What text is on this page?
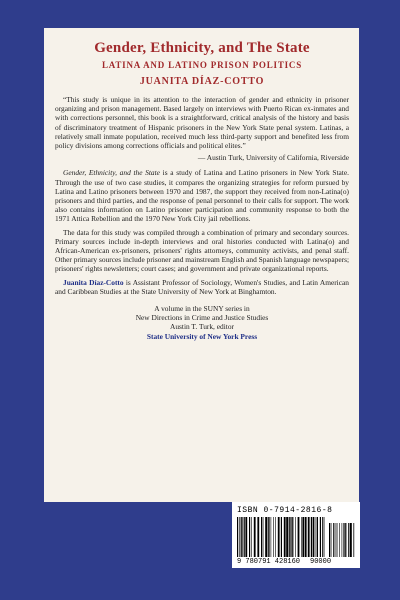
Gender, Ethnicity, and The State
LATINA AND LATINO PRISON POLITICS
JUANITA DÍAZ-COTTO

“This study is unique in its attention to the interaction of gender and ethnicity in prisoner organizing and prison management. Based largely on interviews with Puerto Rican ex-inmates and with corrections personnel, this book is a straightforward, critical analysis of the history and basis of discriminatory treatment of Hispanic prisoners in the New York State penal system. Latinas, a relatively small inmate population, received much less third-party support and benefited less from policy divisions among corrections officials and political elites.”

— Austin Turk, University of California, Riverside

Gender, Ethnicity, and the State is a study of Latina and Latino prisoners in New York State. Through the use of two case studies, it compares the organizing strategies for reform pursued by Latina and Latino prisoners between 1970 and 1987, the support they received from non-Latina(o) prisoners and third parties, and the response of penal personnel to their calls for support. The work also contains information on Latino prisoner participation and community response to both the 1971 Attica Rebellion and the 1970 New York City jail rebellions.

The data for this study was compiled through a combination of primary and secondary sources. Primary sources include in-depth interviews and oral histories conducted with Latina(o) and African-American ex-prisoners, prisoners' rights attorneys, community activists, and penal staff. Other primary sources include prisoner and mainstream English and Spanish language newspapers; prisoners' rights newsletters; court cases; and government and private organizational reports.

Juanita Díaz-Cotto is Assistant Professor of Sociology, Women's Studies, and Latin American and Caribbean Studies at the State University of New York at Binghamton.

A volume in the SUNY series in
New Directions in Crime and Justice Studies
Austin T. Turk, editor
State University of New York Press
ISBN 0-7914-2816-8
9 780791 428160 90000
